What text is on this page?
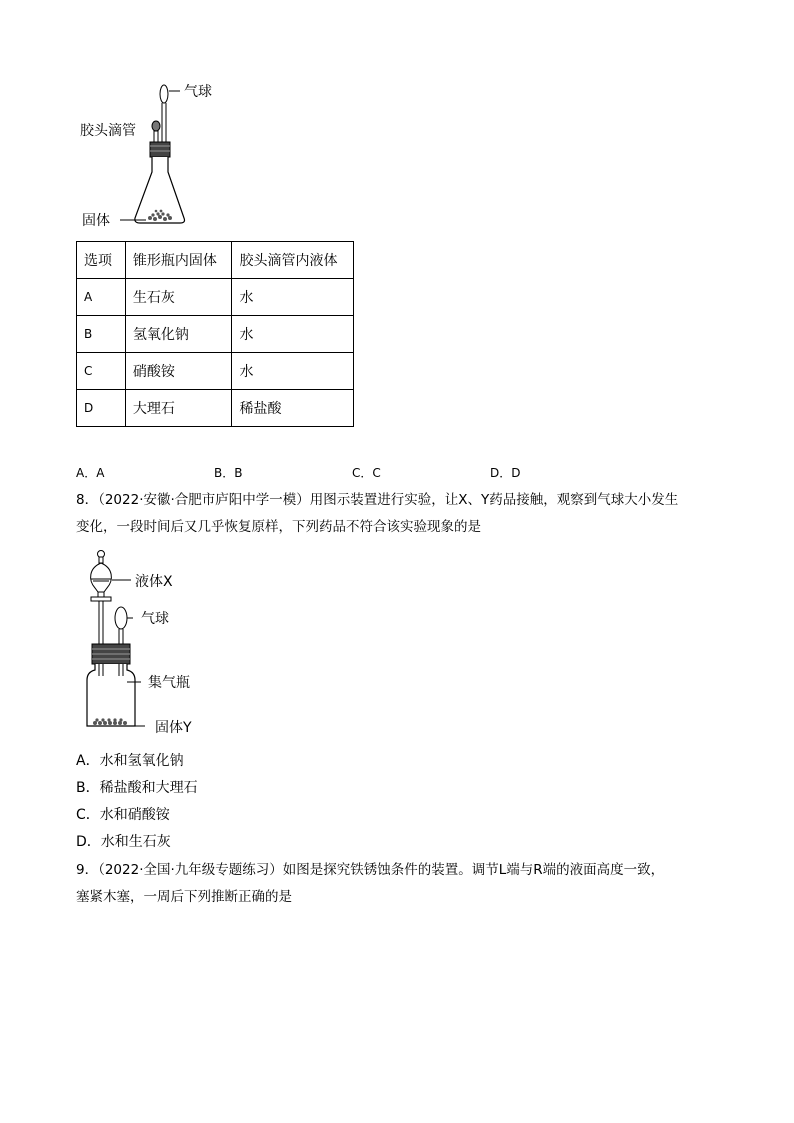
气球
胶头滴管
固体
选项	锥形瓶内固体	胶头滴管内液体
A	生石灰	水
B	氢氧化钠	水
C	硝酸铵	水
D	大理石	稀盐酸
A．A	B．B	C．C	D．D
8．（2022·安徽·合肥市庐阳中学一模）用图示装置进行实验，让X、Y药品接触，观察到气球大小发生
变化，一段时间后又几乎恢复原样，下列药品不符合该实验现象的是
液体X
气球
集气瓶
固体Y
A．水和氢氧化钠
B．稀盐酸和大理石
C．水和硝酸铵
D．水和生石灰
9．（2022·全国·九年级专题练习）如图是探究铁锈蚀条件的装置。调节L端与R端的液面高度一致，
塞紧木塞，一周后下列推断正确的是
